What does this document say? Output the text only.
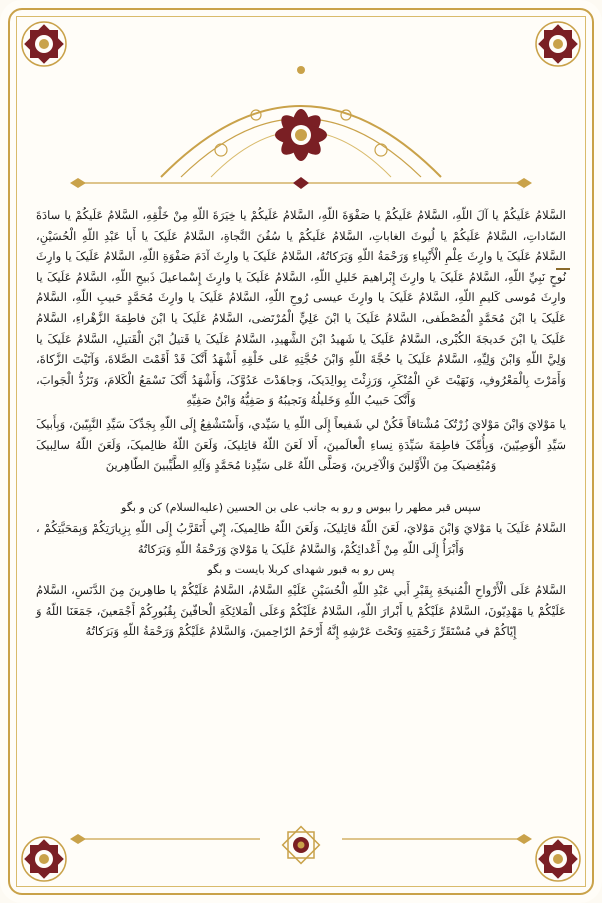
السَّلامُ عَلَيكُمْ يا آلَ اللّهِ، السَّلامُ عَلَيكُمْ يا صَفْوَةَ اللّهِ، السَّلامُ عَلَيكُمْ يا خِيَرَةَ اللّهِ مِنْ خَلْقِهِ، السَّلامُ عَلَيكُمْ يا سادَةَ السّاداتِ، السَّلامُ عَلَيكُمْ يا لُيوثَ الغاباتِ، السَّلامُ عَلَيكُمْ يا سُفُنَ النَّجاةِ، السَّلامُ عَلَيکَ يا أَبا عَبْدِ اللّهِ الْحُسَيْنِ، السَّلامُ عَلَيکَ يا وارِثَ عِلْمِ الْأَنْبِياءِ وَرَحْمَةُ اللّهِ وَبَرَكاتُهُ، السَّلامُ عَلَيکَ يا وارِثَ آدَمَ صَفْوَةِ اللّهِ، السَّلامُ عَلَيکَ يا وارِثَ نُوحٍ نَبِيِّ اللّهِ، السَّلامُ عَلَيکَ يا وارِثَ إِبْراهيمَ خَليلِ اللّهِ، السَّلامُ عَلَيکَ يا وارِثَ إِسْماعيلَ ذَبيحِ اللّهِ، السَّلامُ عَلَيکَ يا وارِثَ مُوسى كَليمِ اللّهِ، السَّلامُ عَلَيکَ يا وارِثَ عيسى رُوحِ اللّهِ، السَّلامُ عَلَيکَ يا وارِثَ مُحَمَّدٍ حَبيبِ اللّهِ، السَّلامُ عَلَيکَ يا ابْنَ مُحَمَّدٍ الْمُصْطَفى، السَّلامُ عَلَيکَ يا ابْنَ عَلِيٍّ الْمُرْتَضى، السَّلامُ عَلَيکَ يا ابْنَ فاطِمَةَ الزَّهْراءِ، السَّلامُ عَلَيکَ يا ابْنَ خَديجَةَ الكُبْرى، السَّلامُ عَلَيکَ يا شَهيدُ ابْنَ الشَّهيدِ، السَّلامُ عَلَيکَ يا قَتيلُ ابْنَ الْقَتيلِ، السَّلامُ عَلَيکَ يا وَلِيَّ اللّهِ وَابْنَ وَلِيِّهِ، السَّلامُ عَلَيکَ يا حُجَّةَ اللّهِ وَابْنَ حُجَّتِهِ عَلى خَلْقِهِ أَشْهَدُ أَنَّکَ قَدْ أَقَمْتَ الصَّلاةَ، وَآتَيْتَ الزَّكاةَ، وَأَمَرْتَ بِالْمَعْرُوفِ، وَنَهَيْتَ عَنِ الْمُنْكَرِ، وَرَزِئْتَ بِوالِدَيکَ، وَجاهَدْتَ عَدُوَّکَ، وَأَشْهَدُ أَنَّکَ تَسْمَعُ الْكَلامَ، وَتَرُدُّ الْجَوابَ، وَأَنَّکَ حَبيبُ اللّهِ وَخَليلُهُ وَنَجيبُهُ وَ صَفِيُّهُ وَابْنُ صَفِيِّهِ

يا مَوْلايَ وَابْنَ مَوْلايَ زُرْتُکَ مُشْتاقاً فَكُنْ لي شَفيعاً إِلَى اللّهِ يا سَيِّدي، وَأَسْتَشْفِعُ إِلَى اللّهِ بِجَدِّکَ سَيِّدِ النَّبِيّينَ، وَبِأَبيکَ سَيِّدِ الْوَصِيّينَ، وَبِأُمِّکَ فاطِمَةَ سَيِّدَةِ نِساءِ الْعالَمينَ، أَلا لَعَنَ اللّهُ قاتِليکَ، وَلَعَنَ اللّهُ ظالِميکَ، وَلَعَنَ اللّهُ سالِبيکَ وَمُبْغِضيکَ مِنَ الْأَوَّلينَ وَالْآخِرينَ، وَصَلَّى اللّهُ عَلى سَيِّدِنا مُحَمَّدٍ وَآلِهِ الطَّيِّبينَ الطّاهِرينَ

سپس قبر مطهر را ببوس و رو به جانب علی بن الحسین (علیه‌السلام) کن و بگو

السَّلامُ عَلَيکَ يا مَوْلايَ وَابْنَ مَوْلايَ، لَعَنَ اللّهُ قاتِليکَ، وَلَعَنَ اللّهُ ظالِميکَ، إِنّي أَتَقَرَّبُ إِلَى اللّهِ بِزِيارَتِكُمْ وَبِمَحَبَّتِكُمْ ، وَأَبْرَأُ إِلَى اللّهِ مِنْ أَعْدائِكُمْ، وَالسَّلامُ عَلَيکَ يا مَوْلايَ وَرَحْمَةُ اللّهِ وَبَرَكاتُهُ

پس رو به قبور شهدای کربلا بایست و بگو

السَّلامُ عَلَى الْأَرْواحِ الْمُنيخَةِ بِقَبْرِ أَبي عَبْدِ اللّهِ الْحُسَيْنِ عَلَيْهِ السَّلامُ، السَّلامُ عَلَيْكُمْ يا طاهِرينَ مِنَ الدَّنَسِ، السَّلامُ عَلَيْكُمْ يا مَهْدِيّونَ، السَّلامُ عَلَيْكُمْ يا أَبْرارَ اللّهِ، السَّلامُ عَلَيْكُمْ وَعَلَى الْمَلائِكَةِ الْحافّينَ بِقُبُورِكُمْ أَجْمَعينَ، جَمَعَنَا اللّهُ وَ إِيّاكُمْ في مُسْتَقَرِّ رَحْمَتِهِ وَتَحْتَ عَرْشِهِ إِنَّهُ أَرْحَمُ الرّاحِمينَ، وَالسَّلامُ عَلَيْكُمْ وَرَحْمَةُ اللّهِ وَبَرَكاتُهُ
